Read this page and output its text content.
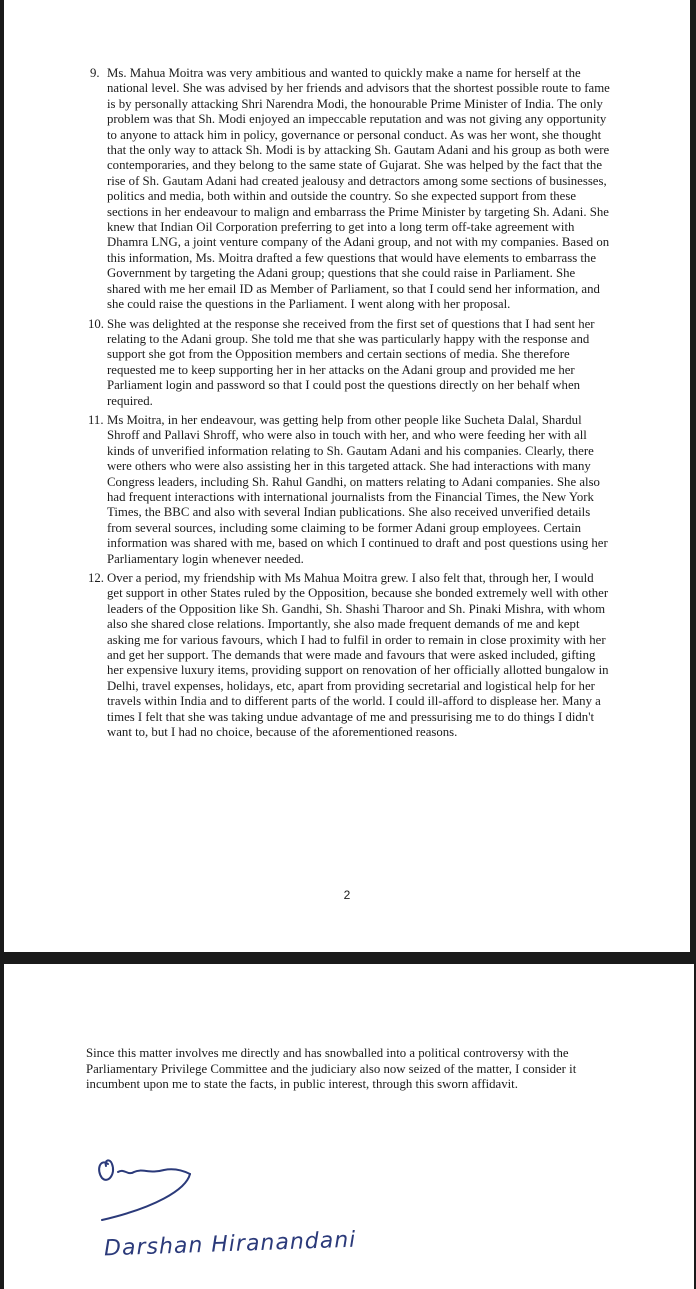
9. Ms. Mahua Moitra was very ambitious and wanted to quickly make a name for herself at the national level. She was advised by her friends and advisors that the shortest possible route to fame is by personally attacking Shri Narendra Modi, the honourable Prime Minister of India. The only problem was that Sh. Modi enjoyed an impeccable reputation and was not giving any opportunity to anyone to attack him in policy, governance or personal conduct. As was her wont, she thought that the only way to attack Sh. Modi is by attacking Sh. Gautam Adani and his group as both were contemporaries, and they belong to the same state of Gujarat. She was helped by the fact that the rise of Sh. Gautam Adani had created jealousy and detractors among some sections of businesses, politics and media, both within and outside the country. So she expected support from these sections in her endeavour to malign and embarrass the Prime Minister by targeting Sh. Adani. She knew that Indian Oil Corporation preferring to get into a long term off-take agreement with Dhamra LNG, a joint venture company of the Adani group, and not with my companies. Based on this information, Ms. Moitra drafted a few questions that would have elements to embarrass the Government by targeting the Adani group; questions that she could raise in Parliament. She shared with me her email ID as Member of Parliament, so that I could send her information, and she could raise the questions in the Parliament. I went along with her proposal.

10. She was delighted at the response she received from the first set of questions that I had sent her relating to the Adani group. She told me that she was particularly happy with the response and support she got from the Opposition members and certain sections of media. She therefore requested me to keep supporting her in her attacks on the Adani group and provided me her Parliament login and password so that I could post the questions directly on her behalf when required.

11. Ms Moitra, in her endeavour, was getting help from other people like Sucheta Dalal, Shardul Shroff and Pallavi Shroff, who were also in touch with her, and who were feeding her with all kinds of unverified information relating to Sh. Gautam Adani and his companies. Clearly, there were others who were also assisting her in this targeted attack. She had interactions with many Congress leaders, including Sh. Rahul Gandhi, on matters relating to Adani companies. She also had frequent interactions with international journalists from the Financial Times, the New York Times, the BBC and also with several Indian publications. She also received unverified details from several sources, including some claiming to be former Adani group employees. Certain information was shared with me, based on which I continued to draft and post questions using her Parliamentary login whenever needed.

12. Over a period, my friendship with Ms Mahua Moitra grew. I also felt that, through her, I would get support in other States ruled by the Opposition, because she bonded extremely well with other leaders of the Opposition like Sh. Gandhi, Sh. Shashi Tharoor and Sh. Pinaki Mishra, with whom also she shared close relations. Importantly, she also made frequent demands of me and kept asking me for various favours, which I had to fulfil in order to remain in close proximity with her and get her support. The demands that were made and favours that were asked included, gifting her expensive luxury items, providing support on renovation of her officially allotted bungalow in Delhi, travel expenses, holidays, etc, apart from providing secretarial and logistical help for her travels within India and to different parts of the world. I could ill-afford to displease her. Many a times I felt that she was taking undue advantage of me and pressurising me to do things I didn't want to, but I had no choice, because of the aforementioned reasons.

2

Since this matter involves me directly and has snowballed into a political controversy with the Parliamentary Privilege Committee and the judiciary also now seized of the matter, I consider it incumbent upon me to state the facts, in public interest, through this sworn affidavit.

Darshan Hiranandani
